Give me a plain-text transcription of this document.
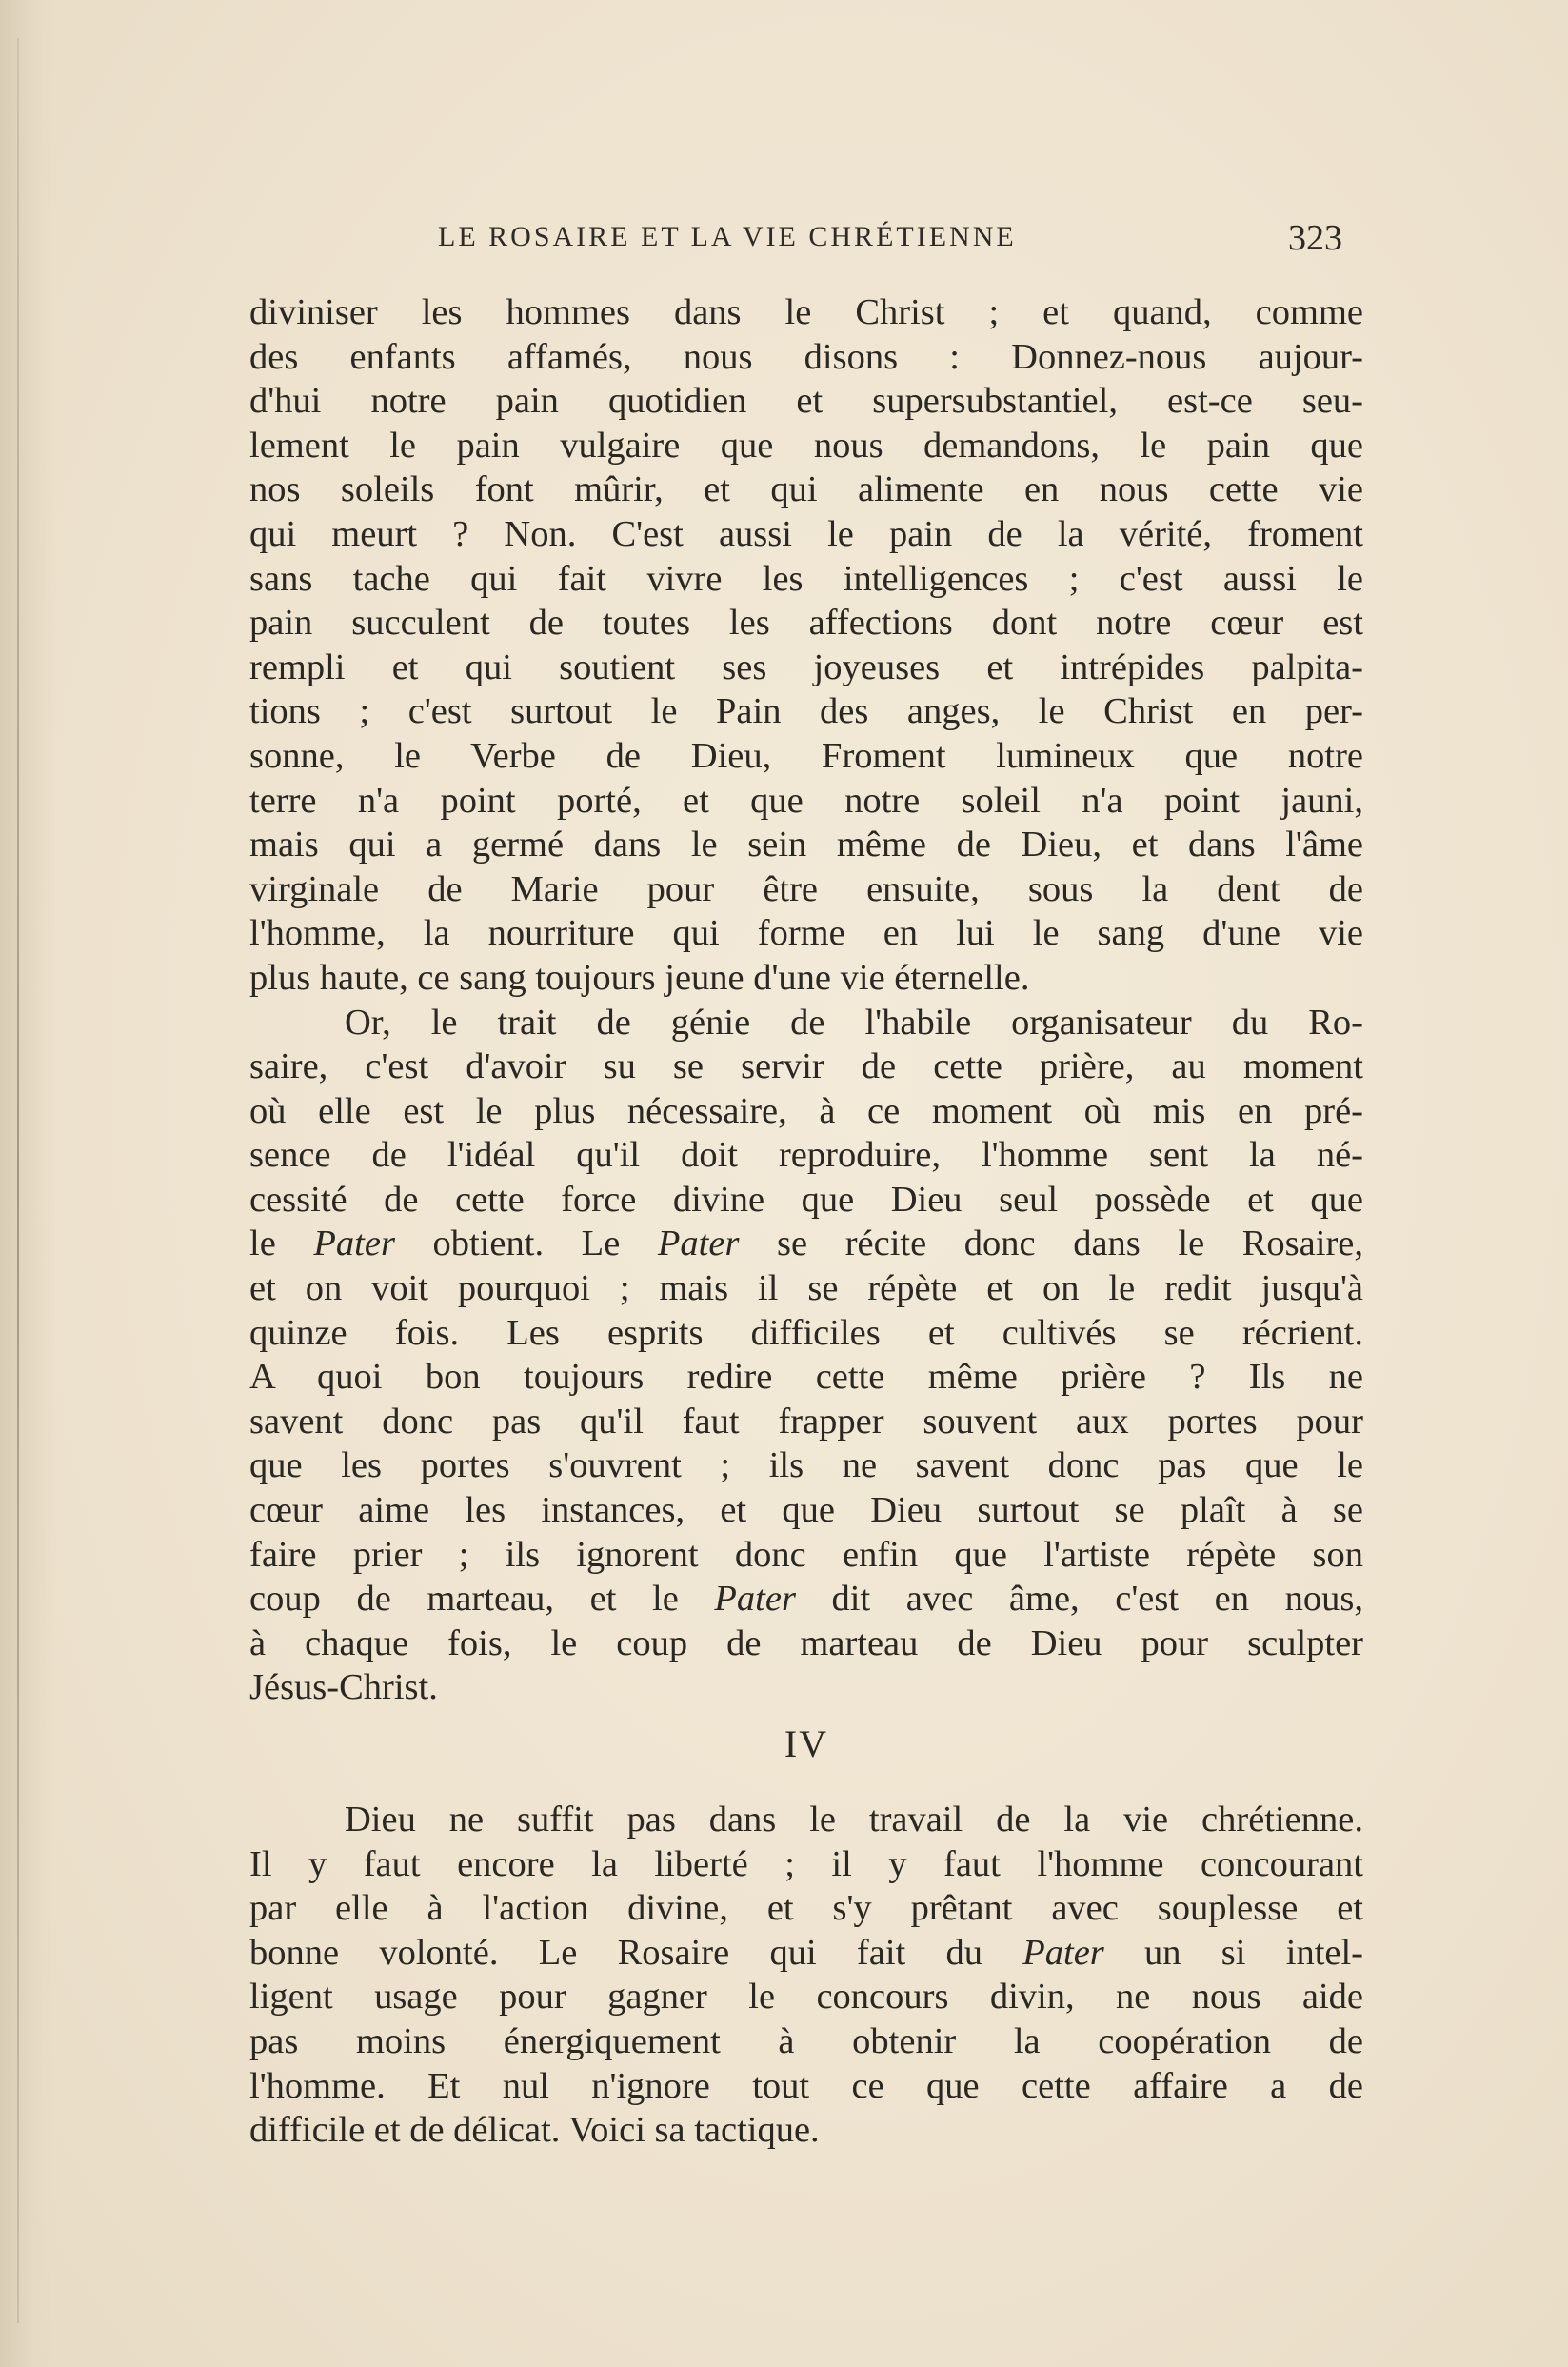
LE ROSAIRE ET LA VIE CHRÉTIENNE	323
diviniser les hommes dans le Christ ; et quand, comme
des enfants affamés, nous disons : Donnez-nous aujour-
d'hui notre pain quotidien et supersubstantiel, est-ce seu-
lement le pain vulgaire que nous demandons, le pain que
nos soleils font mûrir, et qui alimente en nous cette vie
qui meurt ? Non. C'est aussi le pain de la vérité, froment
sans tache qui fait vivre les intelligences ; c'est aussi le
pain succulent de toutes les affections dont notre cœur est
rempli et qui soutient ses joyeuses et intrépides palpita-
tions ; c'est surtout le Pain des anges, le Christ en per-
sonne, le Verbe de Dieu, Froment lumineux que notre
terre n'a point porté, et que notre soleil n'a point jauni,
mais qui a germé dans le sein même de Dieu, et dans l'âme
virginale de Marie pour être ensuite, sous la dent de
l'homme, la nourriture qui forme en lui le sang d'une vie
plus haute, ce sang toujours jeune d'une vie éternelle.
Or, le trait de génie de l'habile organisateur du Ro-
saire, c'est d'avoir su se servir de cette prière, au moment
où elle est le plus nécessaire, à ce moment où mis en pré-
sence de l'idéal qu'il doit reproduire, l'homme sent la né-
cessité de cette force divine que Dieu seul possède et que
le Pater obtient. Le Pater se récite donc dans le Rosaire,
et on voit pourquoi ; mais il se répète et on le redit jusqu'à
quinze fois. Les esprits difficiles et cultivés se récrient.
A quoi bon toujours redire cette même prière ? Ils ne
savent donc pas qu'il faut frapper souvent aux portes pour
que les portes s'ouvrent ; ils ne savent donc pas que le
cœur aime les instances, et que Dieu surtout se plaît à se
faire prier ; ils ignorent donc enfin que l'artiste répète son
coup de marteau, et le Pater dit avec âme, c'est en nous,
à chaque fois, le coup de marteau de Dieu pour sculpter
Jésus-Christ.
IV
Dieu ne suffit pas dans le travail de la vie chrétienne.
Il y faut encore la liberté ; il y faut l'homme concourant
par elle à l'action divine, et s'y prêtant avec souplesse et
bonne volonté. Le Rosaire qui fait du Pater un si intel-
ligent usage pour gagner le concours divin, ne nous aide
pas moins énergiquement à obtenir la coopération de
l'homme. Et nul n'ignore tout ce que cette affaire a de
difficile et de délicat. Voici sa tactique.
